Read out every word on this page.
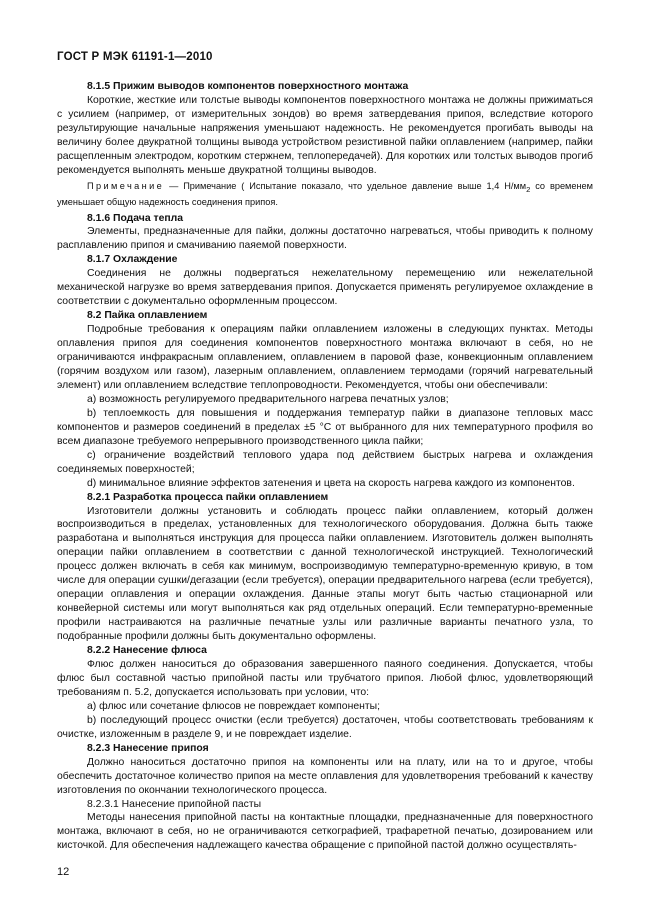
ГОСТ Р МЭК 61191-1—2010
8.1.5 Прижим выводов компонентов поверхностного монтажа

Короткие, жесткие или толстые выводы компонентов поверхностного монтажа не должны прижиматься с усилием (например, от измерительных зондов) во время затвердевания припоя, вследствие которого результирующие начальные напряжения уменьшают надежность. Не рекомендуется прогибать выводы на величину более двукратной толщины вывода устройством резистивной пайки оплавлением (например, пайки расщепленным электродом, коротким стержнем, теплопередачей). Для коротких или толстых выводов прогиб рекомендуется выполнять меньше двукратной толщины выводов.

Примечание — Примечание ( Испытание показало, что удельное давление выше 1,4 $Н/мм_2$ со временем уменьшает общую надежность соединения припоя.

8.1.6 Подача тепла

Элементы, предназначенные для пайки, должны достаточно нагреваться, чтобы приводить к полному расплавлению припоя и смачиванию паяемой поверхности.

8.1.7 Охлаждение

Соединения не должны подвергаться нежелательному перемещению или нежелательной механической нагрузке во время затвердевания припоя. Допускается применять регулируемое охлаждение в соответствии с документально оформленным процессом.

8.2 Пайка оплавлением

Подробные требования к операциям пайки оплавлением изложены в следующих пунктах. Методы оплавления припоя для соединения компонентов поверхностного монтажа включают в себя, но не ограничиваются инфракрасным оплавлением, оплавлением в паровой фазе, конвекционным оплавлением (горячим воздухом или газом), лазерным оплавлением, оплавлением термодами (горячий нагревательный элемент) или оплавлением вследствие теплопроводности. Рекомендуется, чтобы они обеспечивали:

a) возможность регулируемого предварительного нагрева печатных узлов;

b) теплоемкость для повышения и поддержания температур пайки в диапазоне тепловых масс компонентов и размеров соединений в пределах ±5 °C от выбранного для них температурного профиля во всем диапазоне требуемого непрерывного производственного цикла пайки;

c) ограничение воздействий теплового удара под действием быстрых нагрева и охлаждения соединяемых поверхностей;

d) минимальное влияние эффектов затенения и цвета на скорость нагрева каждого из компонентов.

8.2.1 Разработка процесса пайки оплавлением

Изготовители должны установить и соблюдать процесс пайки оплавлением, который должен воспроизводиться в пределах, установленных для технологического оборудования. Должна быть также разработана и выполняться инструкция для процесса пайки оплавлением. Изготовитель должен выполнять операции пайки оплавлением в соответствии с данной технологической инструкцией. Технологический процесс должен включать в себя как минимум, воспроизводимую температурно-временную кривую, в том числе для операции сушки/дегазации (если требуется), операции предварительного нагрева (если требуется), операции оплавления и операции охлаждения. Данные этапы могут быть частью стационарной или конвейерной системы или могут выполняться как ряд отдельных операций. Если температурно-временные профили настраиваются на различные печатные узлы или различные варианты печатного узла, то подобранные профили должны быть документально оформлены.

8.2.2 Нанесение флюса

Флюс должен наноситься до образования завершенного паяного соединения. Допускается, чтобы флюс был составной частью припойной пасты или трубчатого припоя. Любой флюс, удовлетворяющий требованиям п. 5.2, допускается использовать при условии, что:

a) флюс или сочетание флюсов не повреждает компоненты;

b) последующий процесс очистки (если требуется) достаточен, чтобы соответствовать требованиям к очистке, изложенным в разделе 9, и не повреждает изделие.

8.2.3 Нанесение припоя

Должно наноситься достаточно припоя на компоненты или на плату, или на то и другое, чтобы обеспечить достаточное количество припоя на месте оплавления для удовлетворения требований к качеству изготовления по окончании технологического процесса.

8.2.3.1 Нанесение припойной пасты

Методы нанесения припойной пасты на контактные площадки, предназначенные для поверхностного монтажа, включают в себя, но не ограничиваются сеткографией, трафаретной печатью, дозированием или кисточкой. Для обеспечения надлежащего качества обращение с припойной пастой должно осуществлять-

12
